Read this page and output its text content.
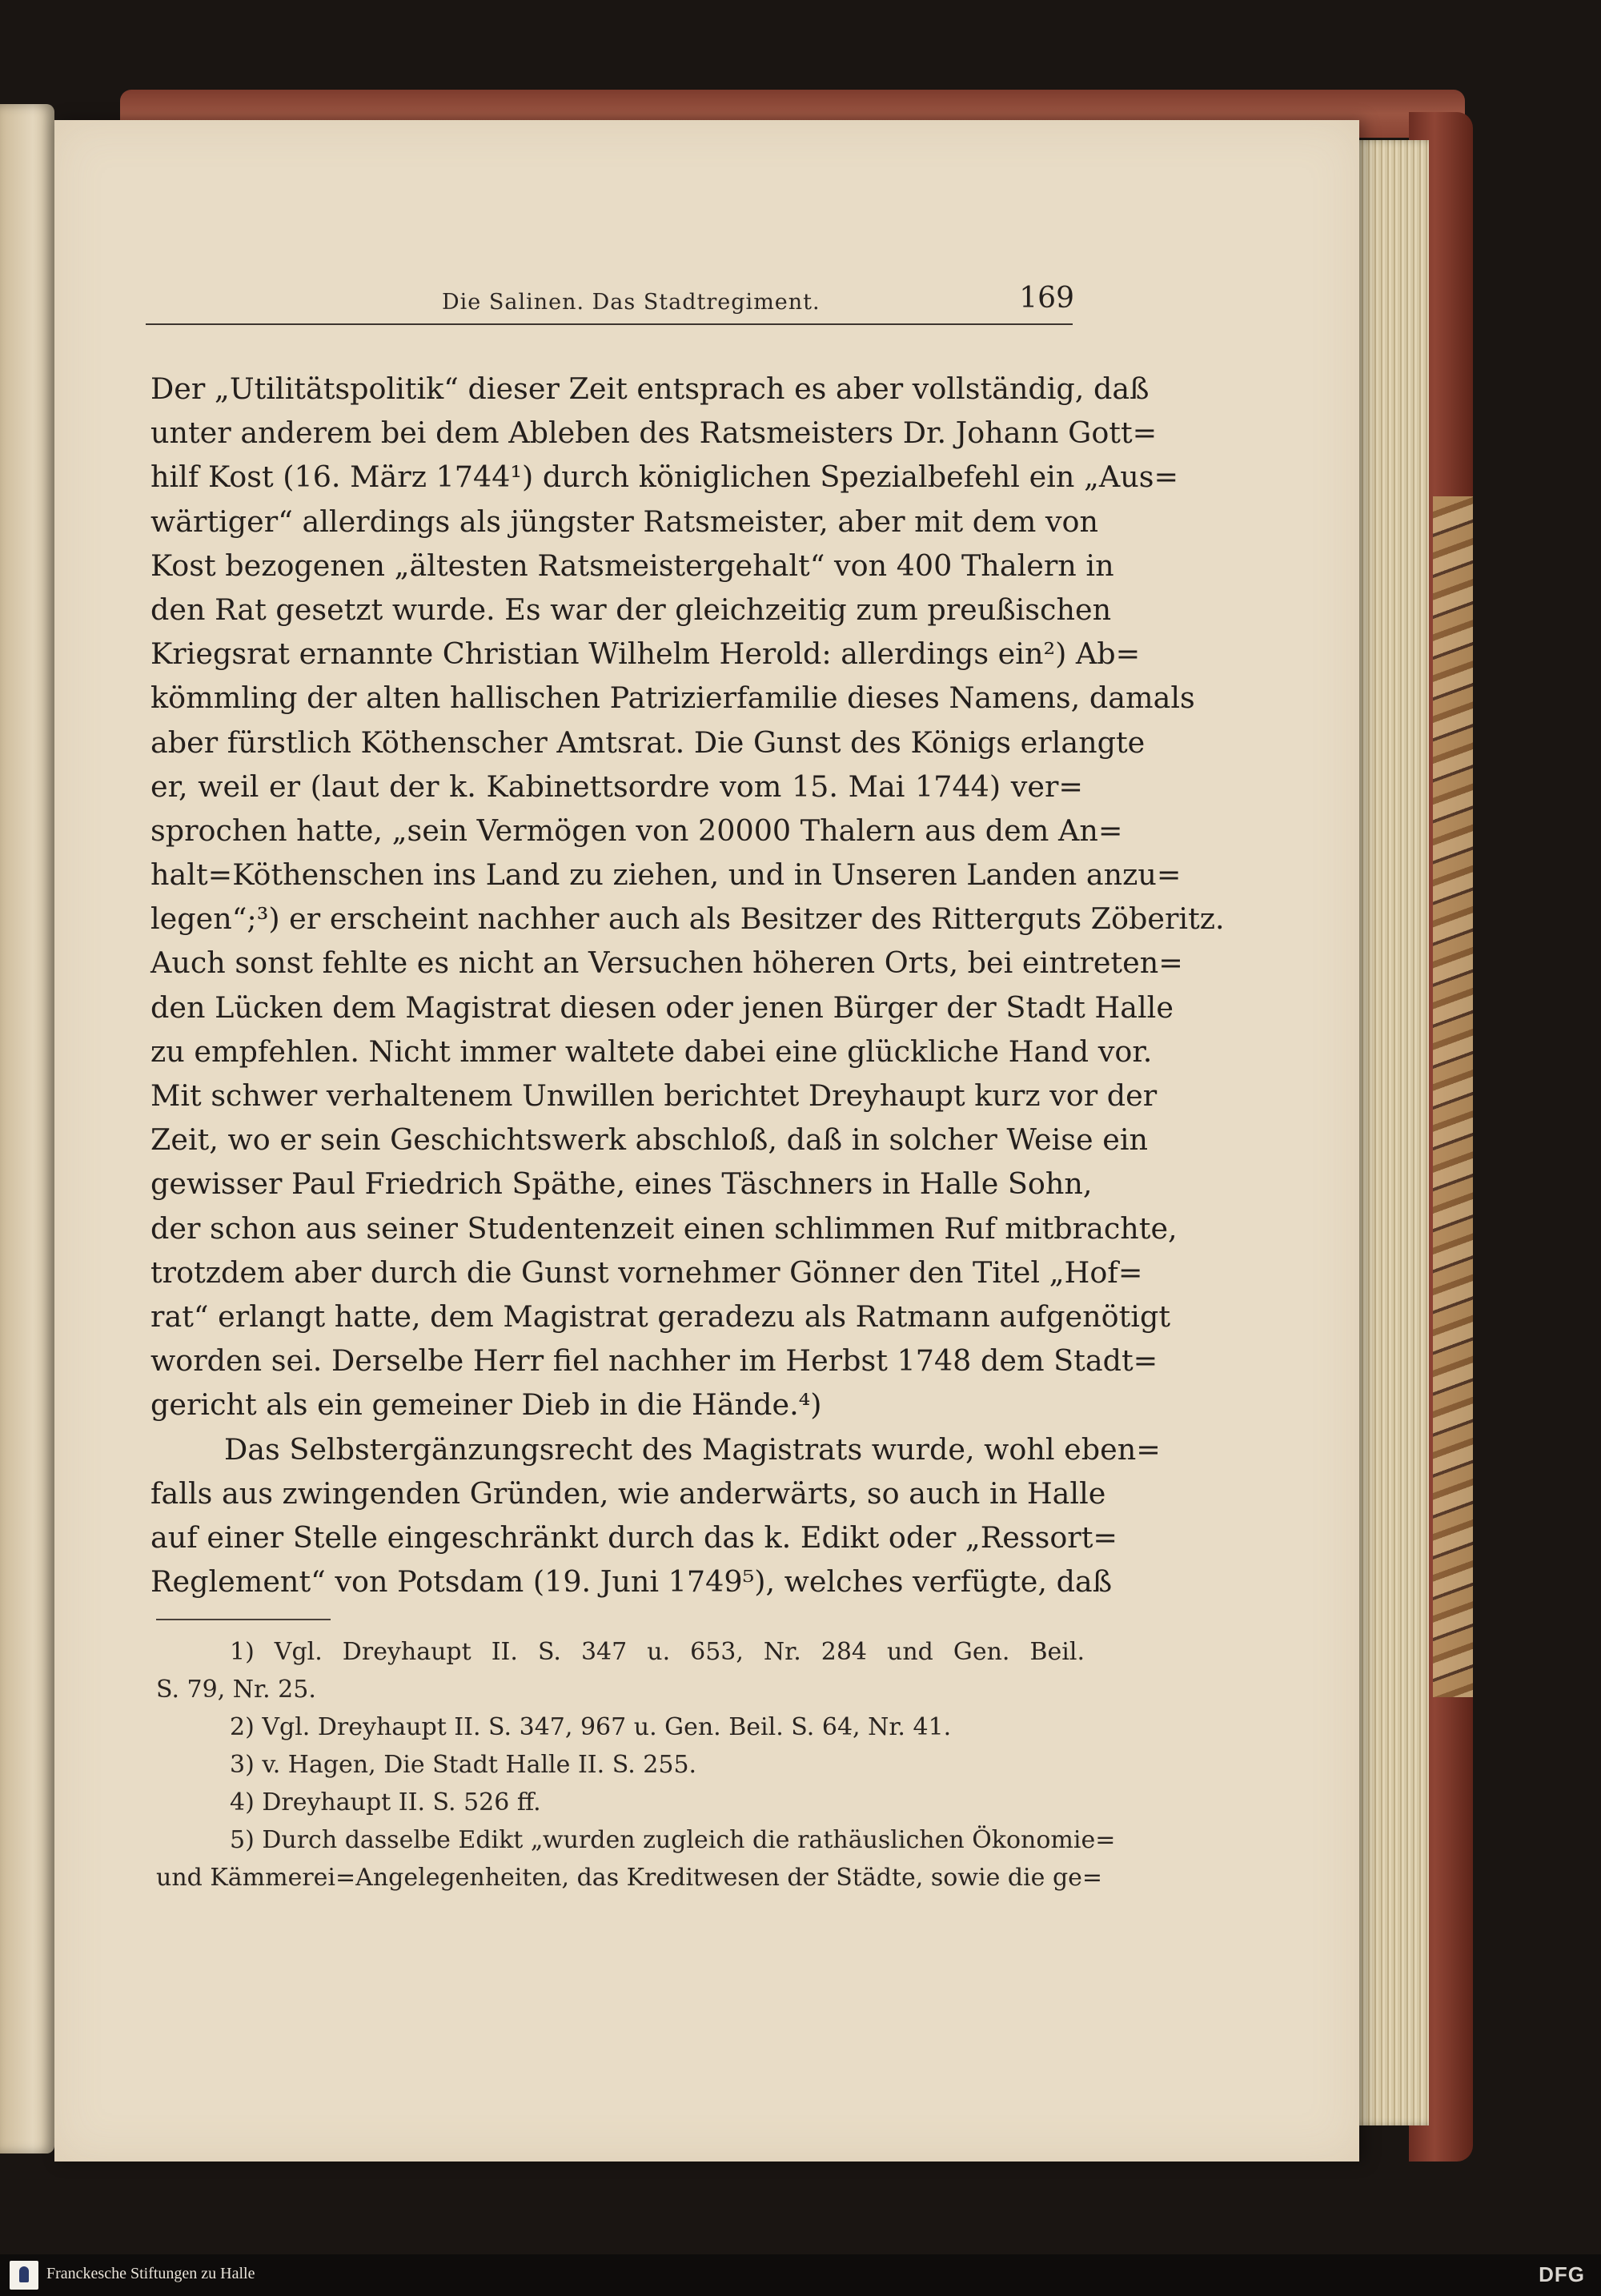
Die Salinen. Das Stadtregiment.	169
Der „Utilitätspolitik“ dieser Zeit entsprach es aber vollständig, daß
unter anderem bei dem Ableben des Ratsmeisters Dr. Johann Gott=
hilf Kost (16. März 1744¹) durch königlichen Spezialbefehl ein „Aus=
wärtiger“ allerdings als jüngster Ratsmeister, aber mit dem von
Kost bezogenen „ältesten Ratsmeistergehalt“ von 400 Thalern in
den Rat gesetzt wurde. Es war der gleichzeitig zum preußischen
Kriegsrat ernannte Christian Wilhelm Herold: allerdings ein²) Ab=
kömmling der alten hallischen Patrizierfamilie dieses Namens, damals
aber fürstlich Köthenscher Amtsrat. Die Gunst des Königs erlangte
er, weil er (laut der k. Kabinettsordre vom 15. Mai 1744) ver=
sprochen hatte, „sein Vermögen von 20000 Thalern aus dem An=
halt=Köthenschen ins Land zu ziehen, und in Unseren Landen anzu=
legen“;³) er erscheint nachher auch als Besitzer des Ritterguts Zöberitz.
Auch sonst fehlte es nicht an Versuchen höheren Orts, bei eintreten=
den Lücken dem Magistrat diesen oder jenen Bürger der Stadt Halle
zu empfehlen. Nicht immer waltete dabei eine glückliche Hand vor.
Mit schwer verhaltenem Unwillen berichtet Dreyhaupt kurz vor der
Zeit, wo er sein Geschichtswerk abschloß, daß in solcher Weise ein
gewisser Paul Friedrich Späthe, eines Täschners in Halle Sohn,
der schon aus seiner Studentenzeit einen schlimmen Ruf mitbrachte,
trotzdem aber durch die Gunst vornehmer Gönner den Titel „Hof=
rat“ erlangt hatte, dem Magistrat geradezu als Ratmann aufgenötigt
worden sei. Derselbe Herr fiel nachher im Herbst 1748 dem Stadt=
gericht als ein gemeiner Dieb in die Hände.⁴)
Das Selbstergänzungsrecht des Magistrats wurde, wohl eben=
falls aus zwingenden Gründen, wie anderwärts, so auch in Halle
auf einer Stelle eingeschränkt durch das k. Edikt oder „Ressort=
Reglement“ von Potsdam (19. Juni 1749⁵), welches verfügte, daß
1) Vgl. Dreyhaupt II. S. 347 u. 653, Nr. 284 und Gen. Beil.
S. 79, Nr. 25.
2) Vgl. Dreyhaupt II. S. 347, 967 u. Gen. Beil. S. 64, Nr. 41.
3) v. Hagen, Die Stadt Halle II. S. 255.
4) Dreyhaupt II. S. 526 ff.
5) Durch dasselbe Edikt „wurden zugleich die rathäuslichen Ökonomie=
und Kämmerei=Angelegenheiten, das Kreditwesen der Städte, sowie die ge=
Franckesche Stiftungen zu Halle	DFG
